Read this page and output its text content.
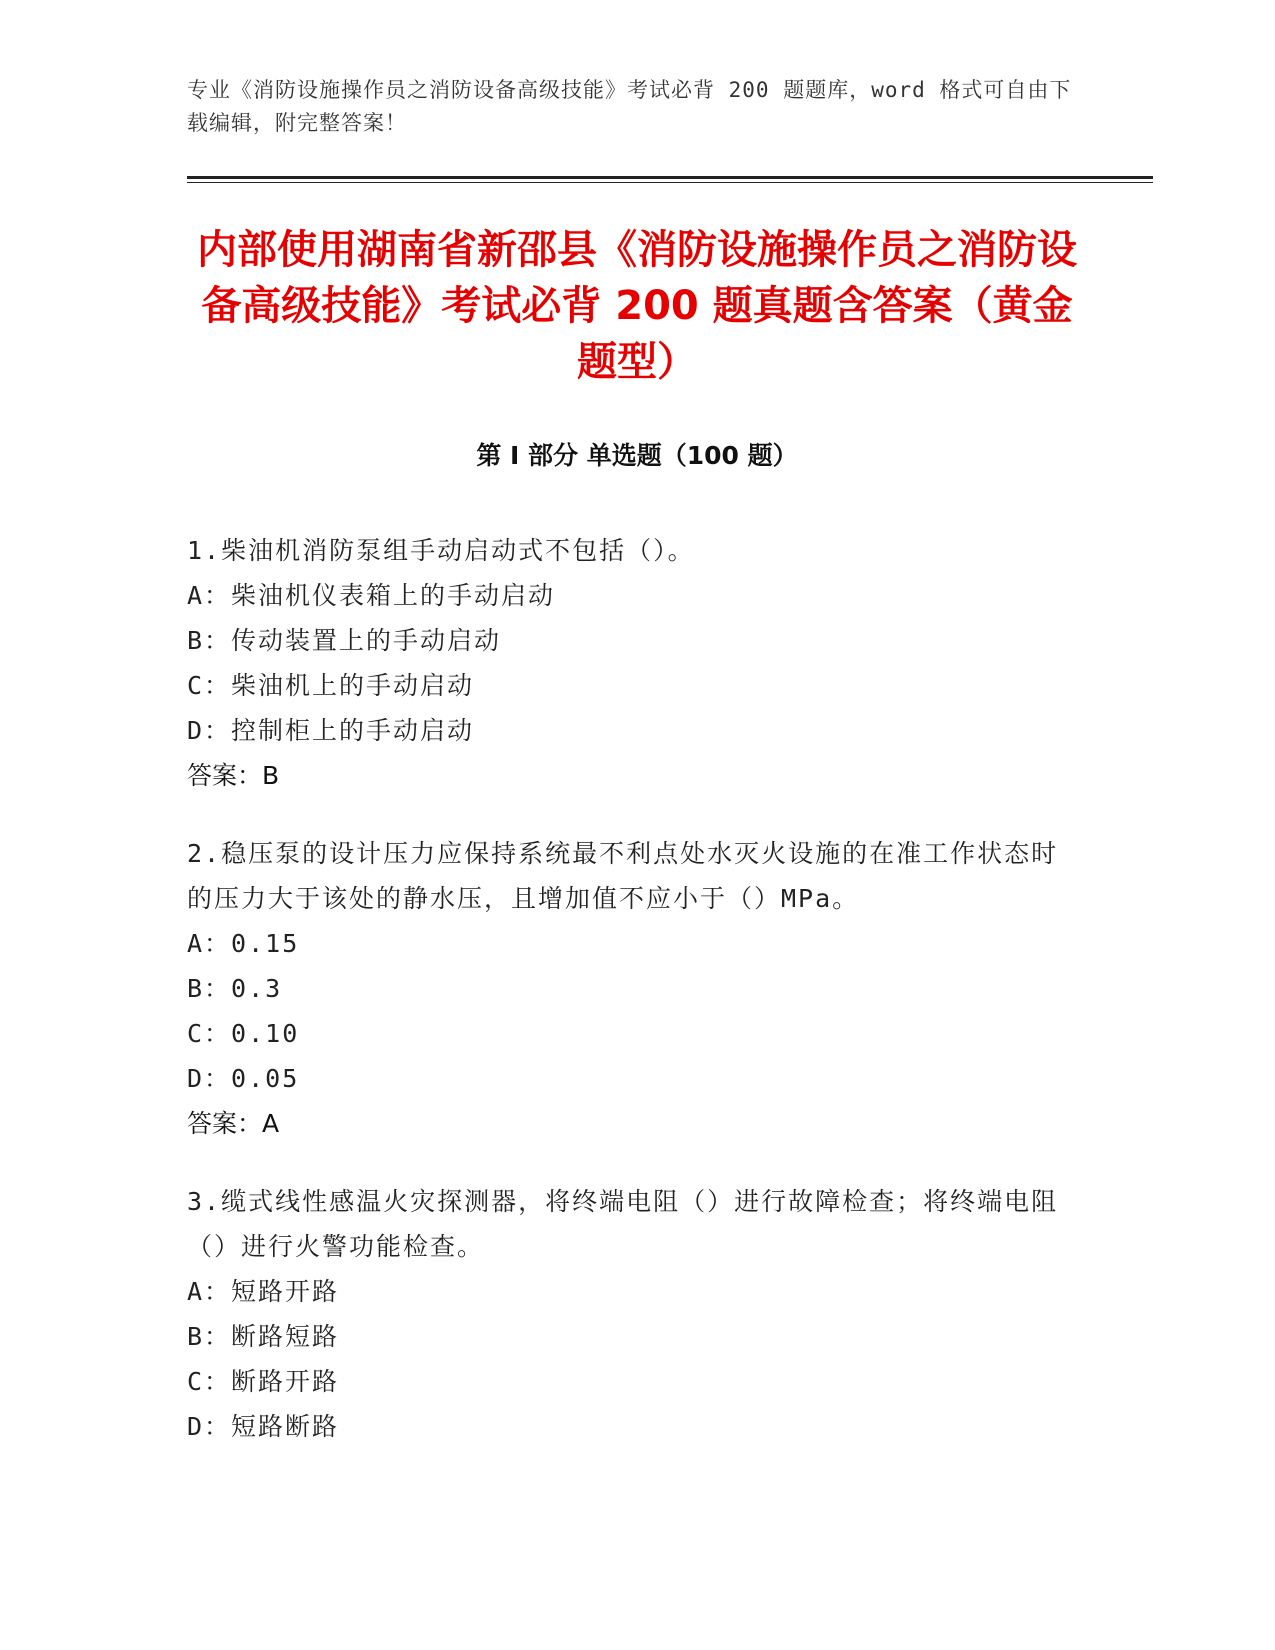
专业《消防设施操作员之消防设备高级技能》考试必背 200 题题库，word 格式可自由下载编辑，附完整答案！
内部使用湖南省新邵县《消防设施操作员之消防设备高级技能》考试必背 200 题真题含答案（黄金题型）
第 I 部分 单选题（100 题）
1.柴油机消防泵组手动启动式不包括（）。
A：柴油机仪表箱上的手动启动
B：传动装置上的手动启动
C：柴油机上的手动启动
D：控制柜上的手动启动
答案：B
2.稳压泵的设计压力应保持系统最不利点处水灭火设施的在准工作状态时的压力大于该处的静水压，且增加值不应小于（）MPa。
A：0.15
B：0.3
C：0.10
D：0.05
答案：A
3.缆式线性感温火灾探测器，将终端电阻（）进行故障检查；将终端电阻（）进行火警功能检查。
A：短路开路
B：断路短路
C：断路开路
D：短路断路
